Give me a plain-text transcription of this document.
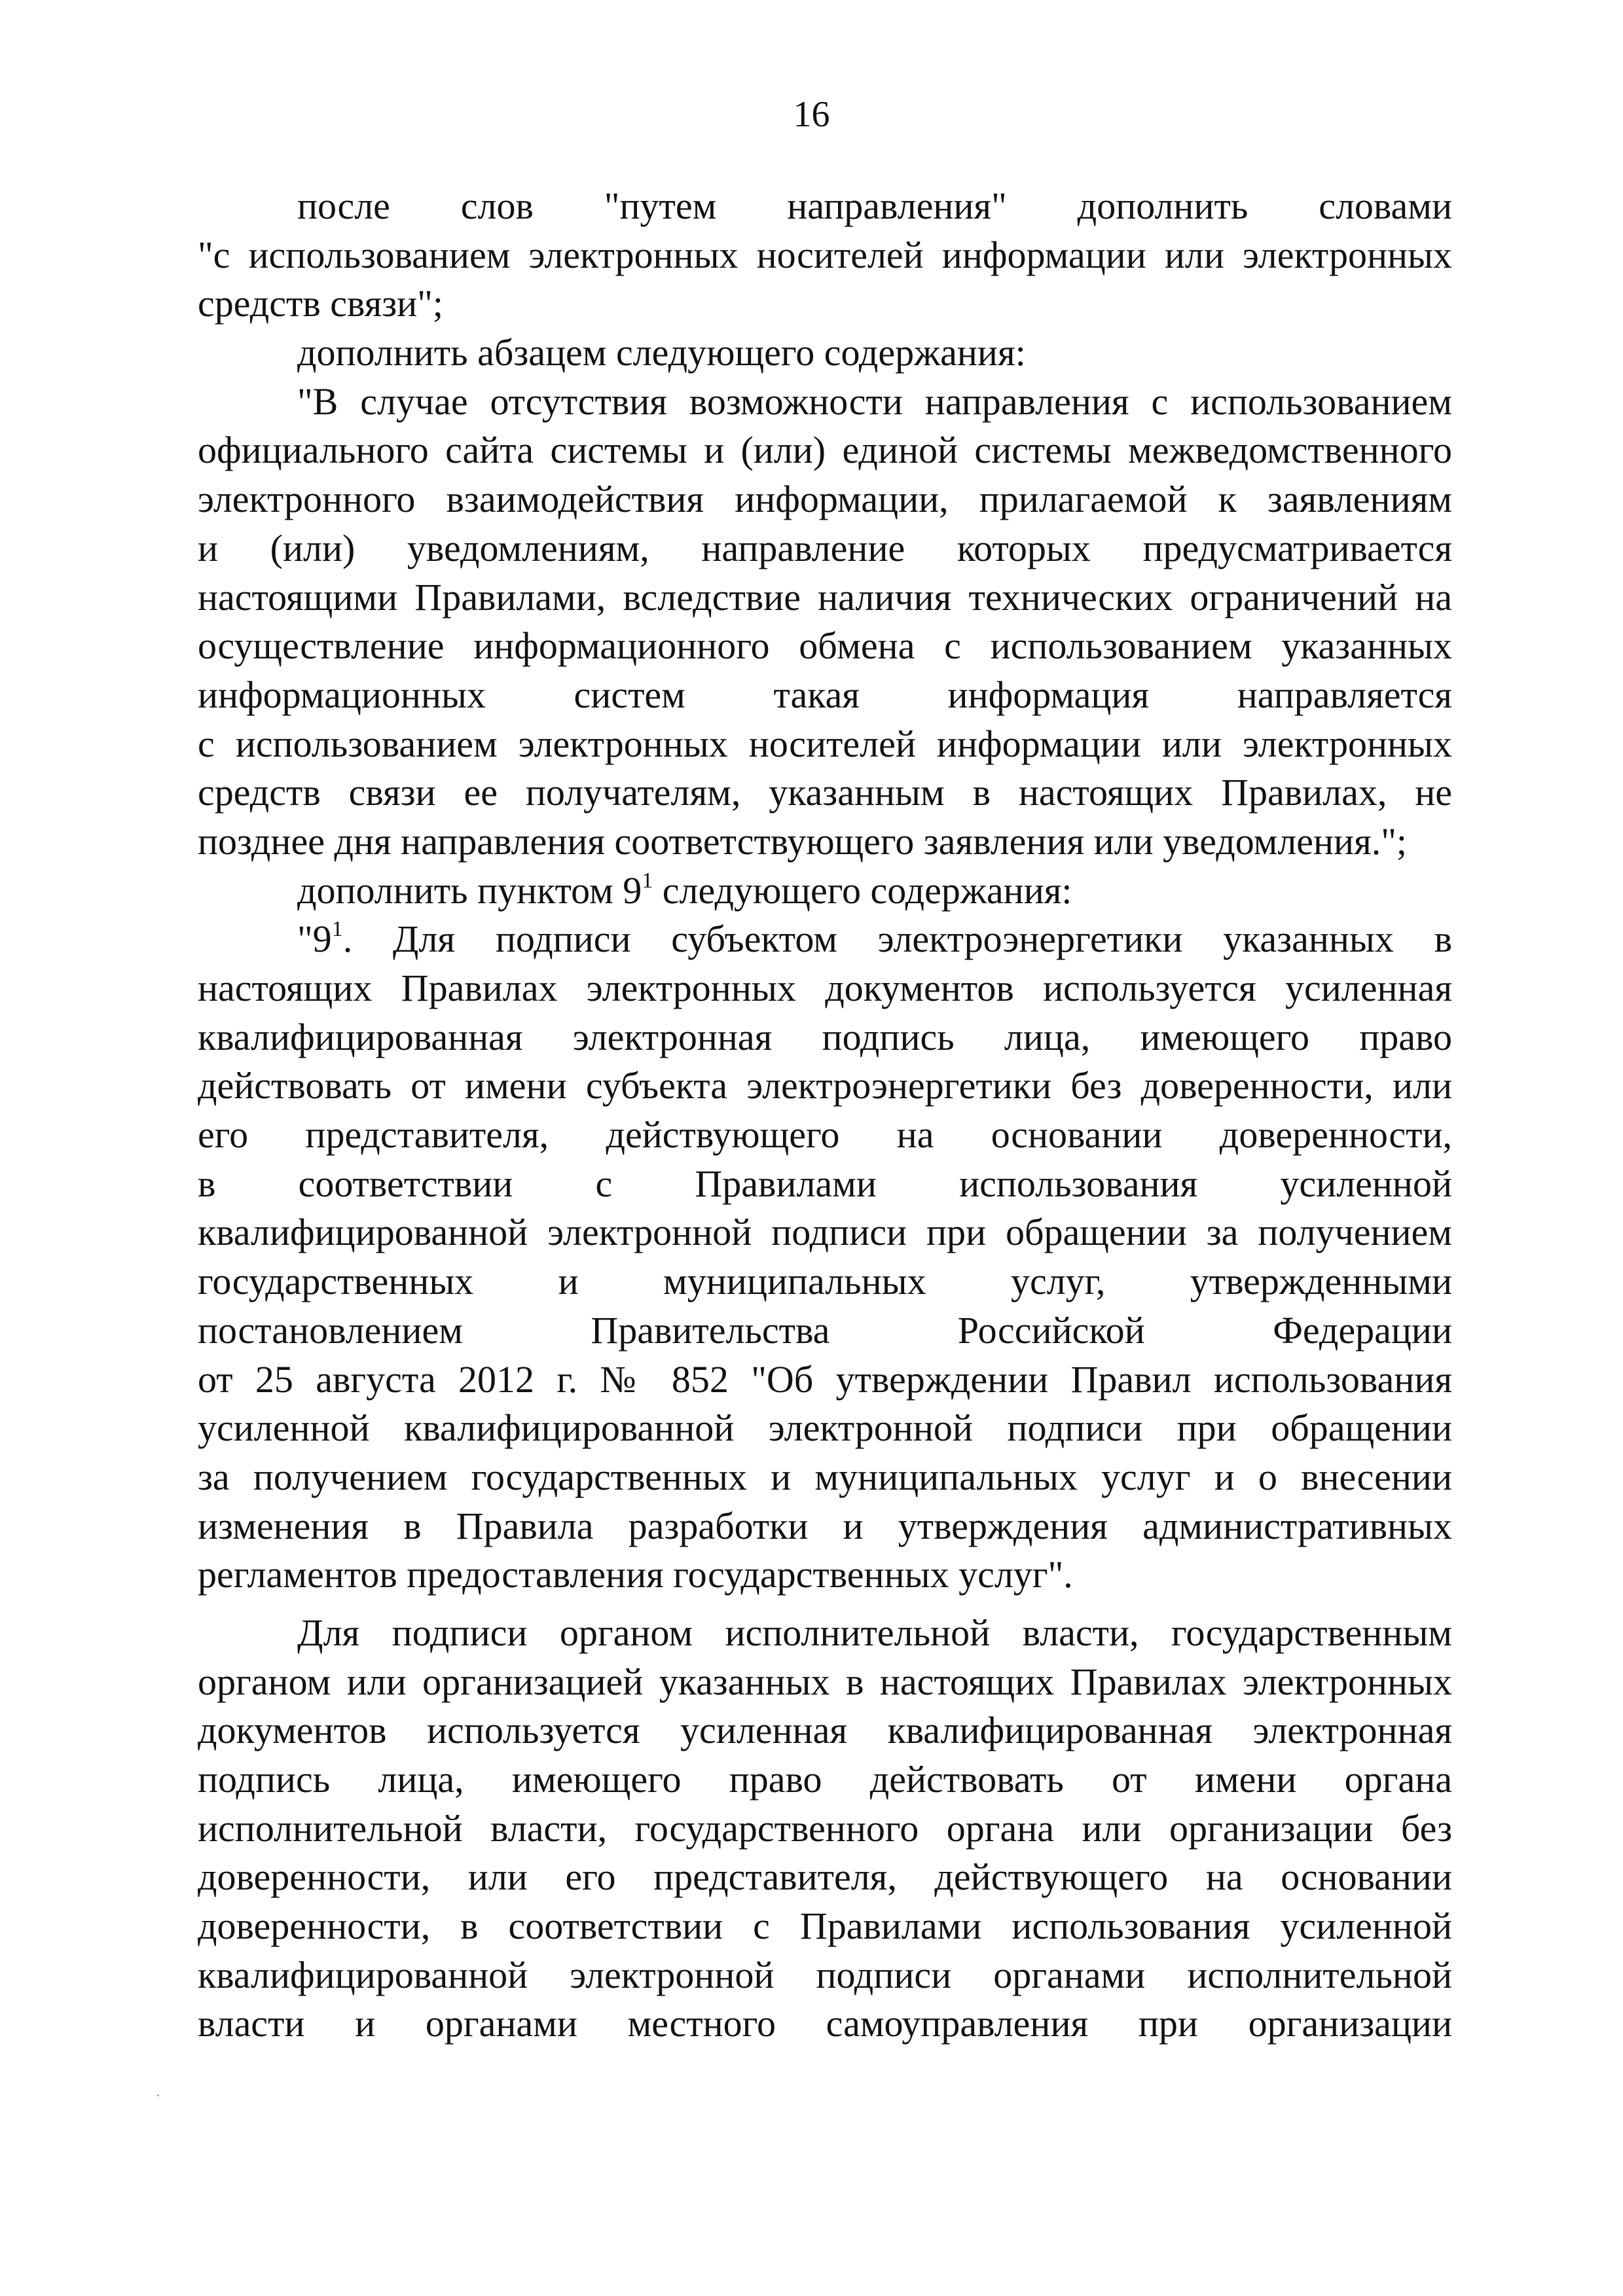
16
после слов "путем направления" дополнить словами
"с использованием электронных носителей информации или электронных
средств связи";
дополнить абзацем следующего содержания:
"В случае отсутствия возможности направления с использованием
официального сайта системы и (или) единой системы межведомственного
электронного взаимодействия информации, прилагаемой к заявлениям
и (или) уведомлениям, направление которых предусматривается
настоящими Правилами, вследствие наличия технических ограничений на
осуществление информационного обмена с использованием указанных
информационных систем такая информация направляется
с использованием электронных носителей информации или электронных
средств связи ее получателям, указанным в настоящих Правилах, не
позднее дня направления соответствующего заявления или уведомления.";
дополнить пунктом $9^1$ следующего содержания:
"$9^1$. Для подписи субъектом электроэнергетики указанных в
настоящих Правилах электронных документов используется усиленная
квалифицированная электронная подпись лица, имеющего право
действовать от имени субъекта электроэнергетики без доверенности, или
его представителя, действующего на основании доверенности,
в соответствии с Правилами использования усиленной
квалифицированной электронной подписи при обращении за получением
государственных и муниципальных услуг, утвержденными
постановлением Правительства Российской Федерации
от 25 августа 2012 г. № 852 "Об утверждении Правил использования
усиленной квалифицированной электронной подписи при обращении
за получением государственных и муниципальных услуг и о внесении
изменения в Правила разработки и утверждения административных
регламентов предоставления государственных услуг".
Для подписи органом исполнительной власти, государственным
органом или организацией указанных в настоящих Правилах электронных
документов используется усиленная квалифицированная электронная
подпись лица, имеющего право действовать от имени органа
исполнительной власти, государственного органа или организации без
доверенности, или его представителя, действующего на основании
доверенности, в соответствии с Правилами использования усиленной
квалифицированной электронной подписи органами исполнительной
власти и органами местного самоуправления при организации
